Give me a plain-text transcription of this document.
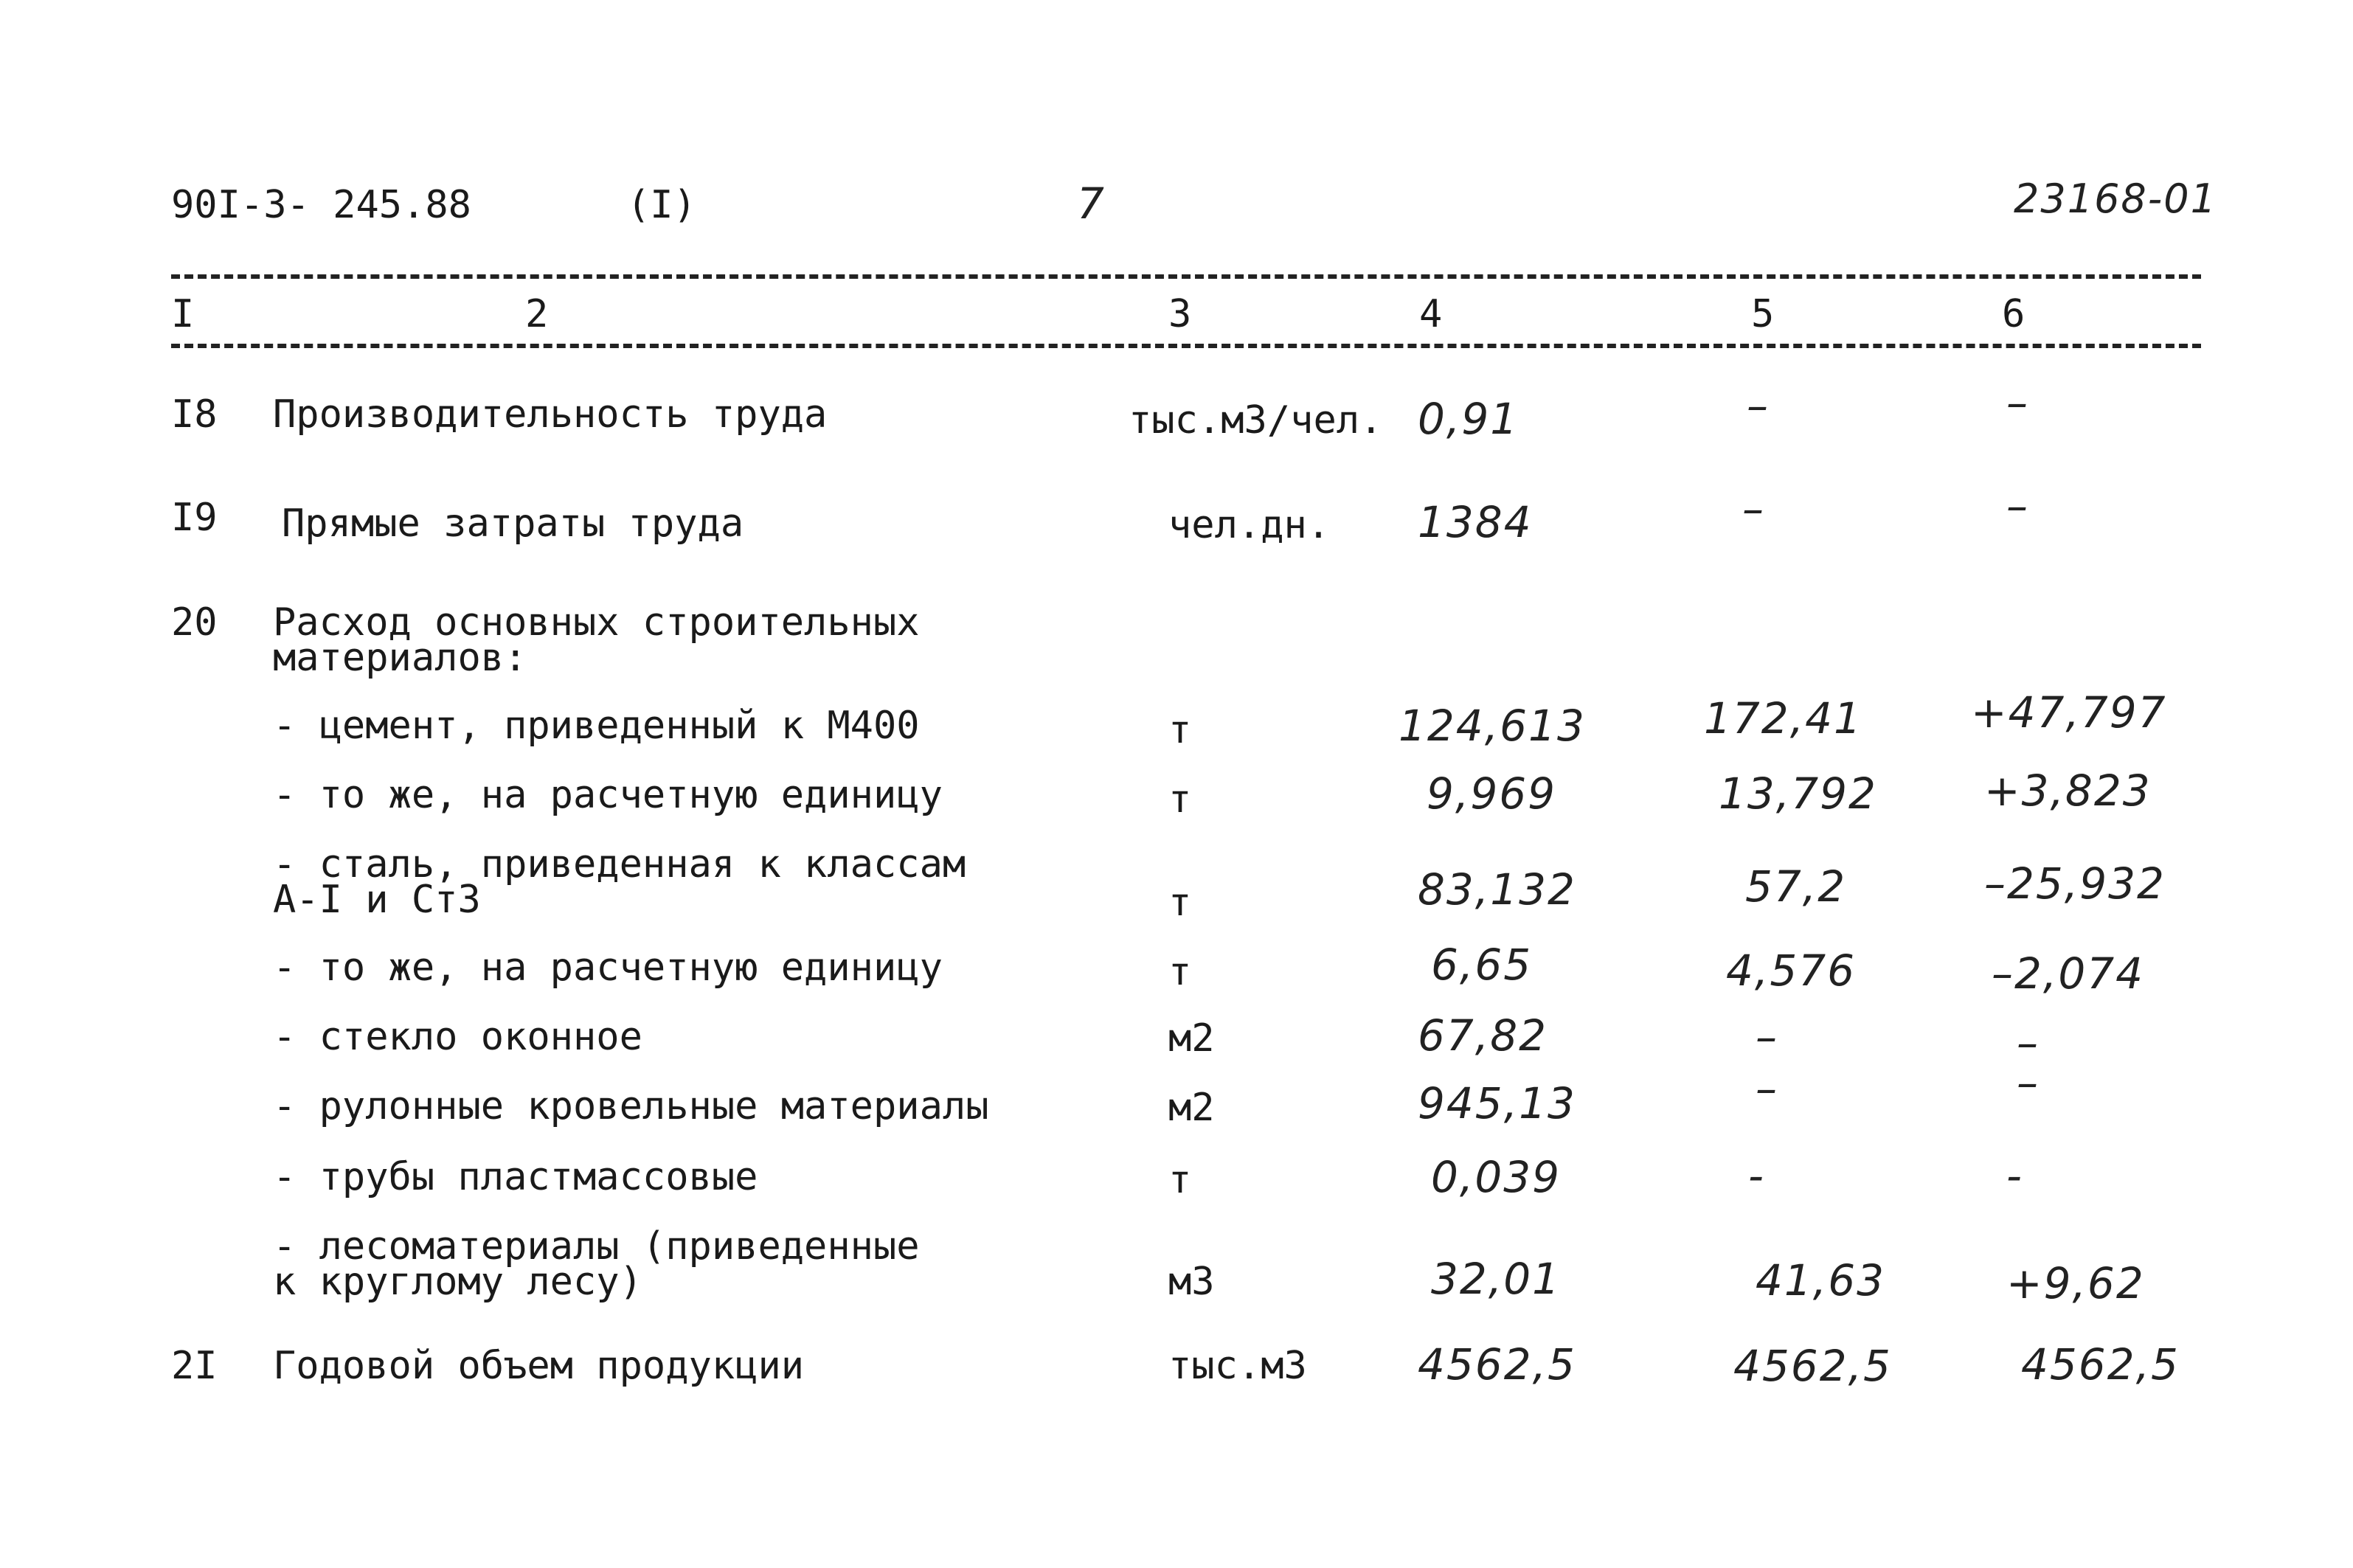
90I-3- 245.88	(I)	7	23168-01
I	2	3	4	5	6
I8 Производительность труда	тыс.м3/чел. 0,91	–	–
I9 Прямые затраты труда	чел.дн. 1384	–	–
20 Расход основных строительных
материалов:
- цемент, приведенный к М400	т	124,613	172,41	+47,797
- то же, на расчетную единицу	т	9,969	13,792	+3,823
- сталь, приведенная к классам
А-I и Ст3	т	83,132	57,2	–25,932
- то же, на расчетную единицу	т	6,65	4,576	–2,074
- стекло оконное	м2	67,82	–	–
- рулонные кровельные материалы	м2	945,13	–	–
- трубы пластмассовые	т	0,039	-	-
- лесоматериалы (приведенные
к круглому лесу)	м3	32,01	41,63	+9,62
2I Годовой объем продукции	тыс.м3	4562,5	4562,5	4562,5
